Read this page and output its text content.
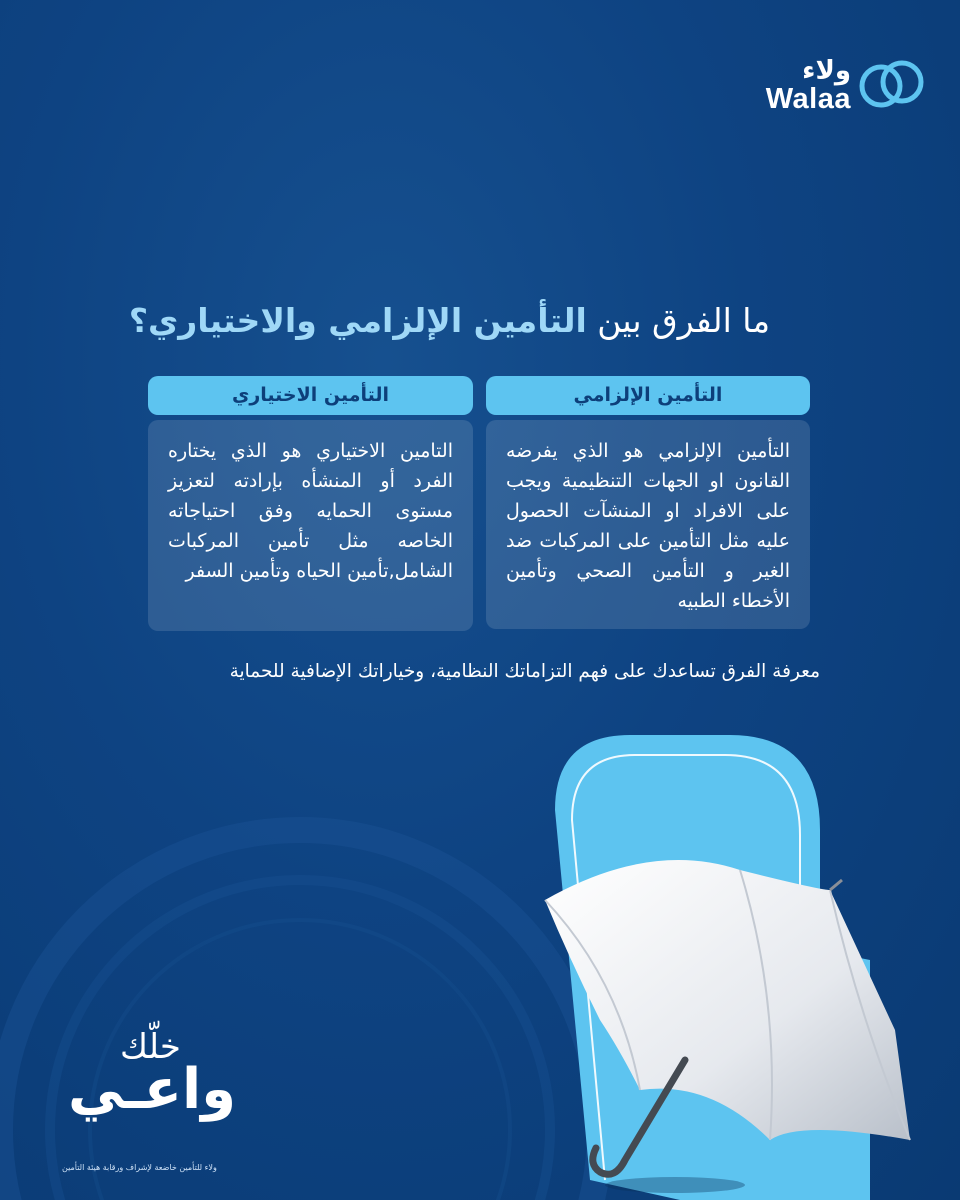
ولاء
Walaa
ما الفرق بين التأمين الإلزامي والاختياري؟
التأمين الإلزامي
التأمين الإلزامي هو الذي يفرضه القانون او الجهات التنظيمية ويجب على الافراد او المنشآت الحصول عليه مثل التأمين على المركبات ضد الغير و التأمين الصحي وتأمين الأخطاء الطبيه
التأمين الاختياري
التامين الاختياري هو الذي يختاره الفرد أو المنشأه بإرادته لتعزيز مستوى الحمايه وفق احتياجاته الخاصه مثل تأمين المركبات الشامل,تأمين الحياه وتأمين السفر
معرفة الفرق تساعدك على فهم التزاماتك النظامية، وخياراتك الإضافية للحماية
خلّك
واعـي
ولاء للتأمين خاضعة لإشراف ورقابة هيئة التأمين
